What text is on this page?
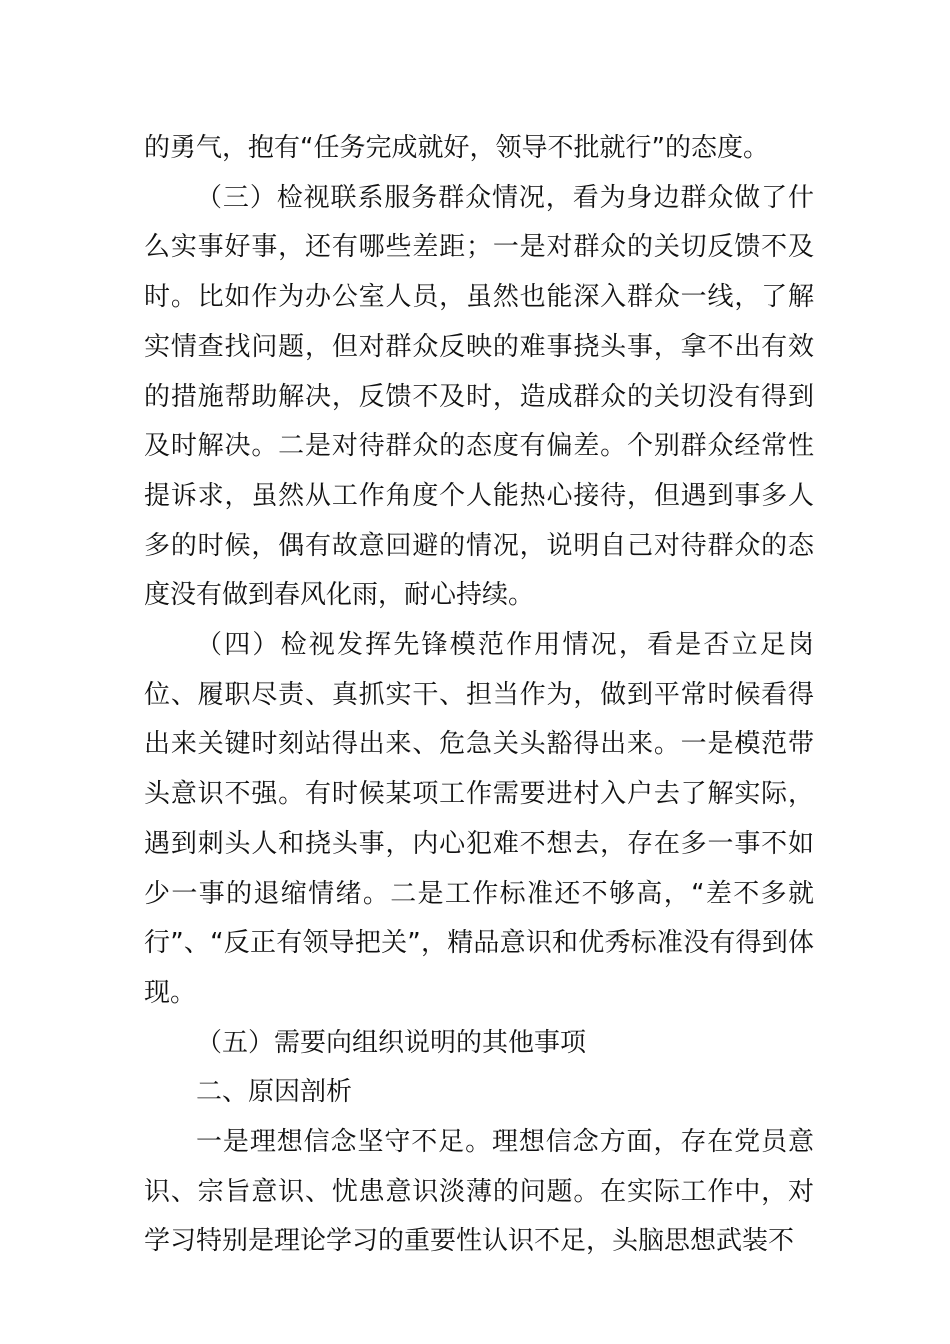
的勇气，抱有“任务完成就好，领导不批就行”的态度。

（三）检视联系服务群众情况，看为身边群众做了什么实事好事，还有哪些差距；一是对群众的关切反馈不及时。比如作为办公室人员，虽然也能深入群众一线，了解实情查找问题，但对群众反映的难事挠头事，拿不出有效的措施帮助解决，反馈不及时，造成群众的关切没有得到及时解决。二是对待群众的态度有偏差。个别群众经常性提诉求，虽然从工作角度个人能热心接待，但遇到事多人多的时候，偶有故意回避的情况，说明自己对待群众的态度没有做到春风化雨，耐心持续。

（四）检视发挥先锋模范作用情况，看是否立足岗位、履职尽责、真抓实干、担当作为，做到平常时候看得出来关键时刻站得出来、危急关头豁得出来。一是模范带头意识不强。有时候某项工作需要进村入户去了解实际，遇到刺头人和挠头事，内心犯难不想去，存在多一事不如少一事的退缩情绪。二是工作标准还不够高，“差不多就行”、“反正有领导把关”，精品意识和优秀标准没有得到体现。

（五）需要向组织说明的其他事项

二、原因剖析

一是理想信念坚守不足。理想信念方面，存在党员意识、宗旨意识、忧患意识淡薄的问题。在实际工作中，对学习特别是理论学习的重要性认识不足，头脑思想武装不
